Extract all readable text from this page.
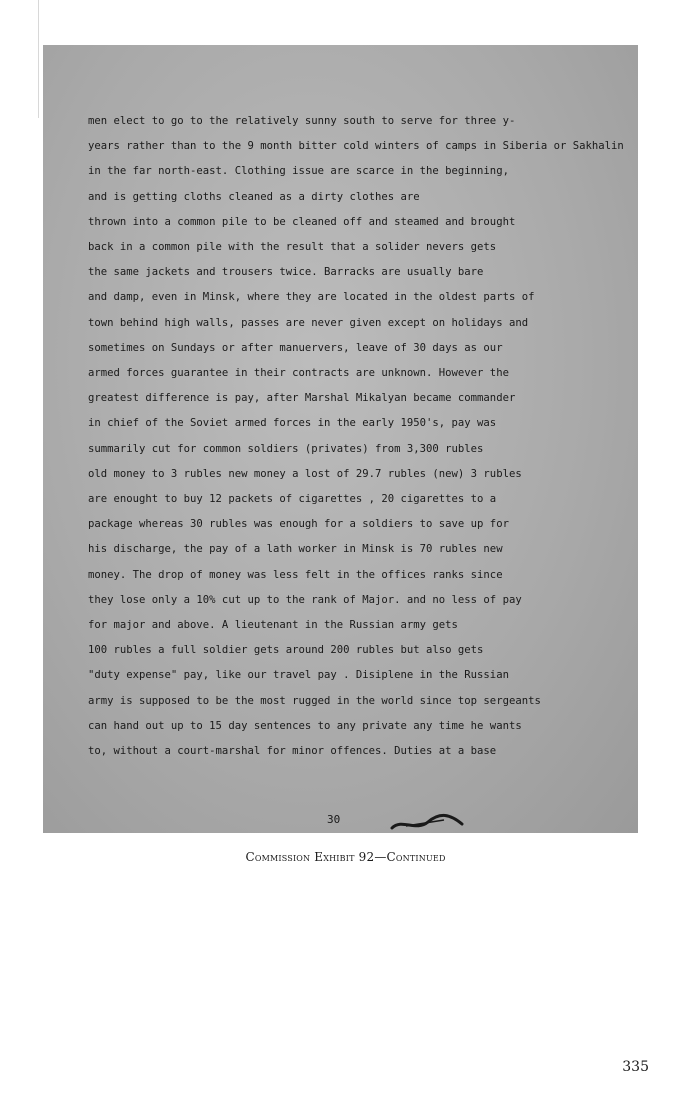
men elect to go to the relatively sunny south to serve for three y-
years rather than to the 9 month bitter cold winters of camps in Siberia or Sakhalin
in the far north-east. Clothing issue are scarce in the beginning,
and is getting cloths cleaned as a dirty clothes are
thrown into a common pile to be cleaned off and steamed and brought
back in a common pile with the result that a solider nevers gets
the same jackets and trousers twice. Barracks are usually bare
and damp, even in Minsk, where they are located in the oldest parts of
town behind high walls, passes are never given except on holidays and
sometimes on Sundays or after manuervers, leave of 30 days as our
armed forces guarantee in their contracts are unknown. However the
greatest difference is pay, after Marshal Mikalyan became commander
in chief of the Soviet armed forces in the early 1950's, pay was
summarily cut for common soldiers (privates) from 3,300 rubles
old money to 3 rubles new money a lost of 29.7 rubles (new) 3 rubles
are enought to buy 12 packets of cigarettes , 20 cigarettes to a
package whereas 30 rubles was enough for a soldiers to save up for
his discharge, the pay of a lath worker in Minsk is 70 rubles new
money. The drop of money was less felt in the offices ranks since
they lose only a 10% cut up to the rank of Major. and no less of pay
for major and above. A lieutenant in the Russian army gets
100 rubles a full soldier gets around 200 rubles but also gets
"duty expense" pay, like our travel pay . Disiplene in the Russian
army is supposed to be the most rugged in the world since top sergeants
can hand out up to 15 day sentences to any private any time he wants
to, without a court-marshal for minor offences. Duties at a base
30
Commission Exhibit 92—Continued
335
